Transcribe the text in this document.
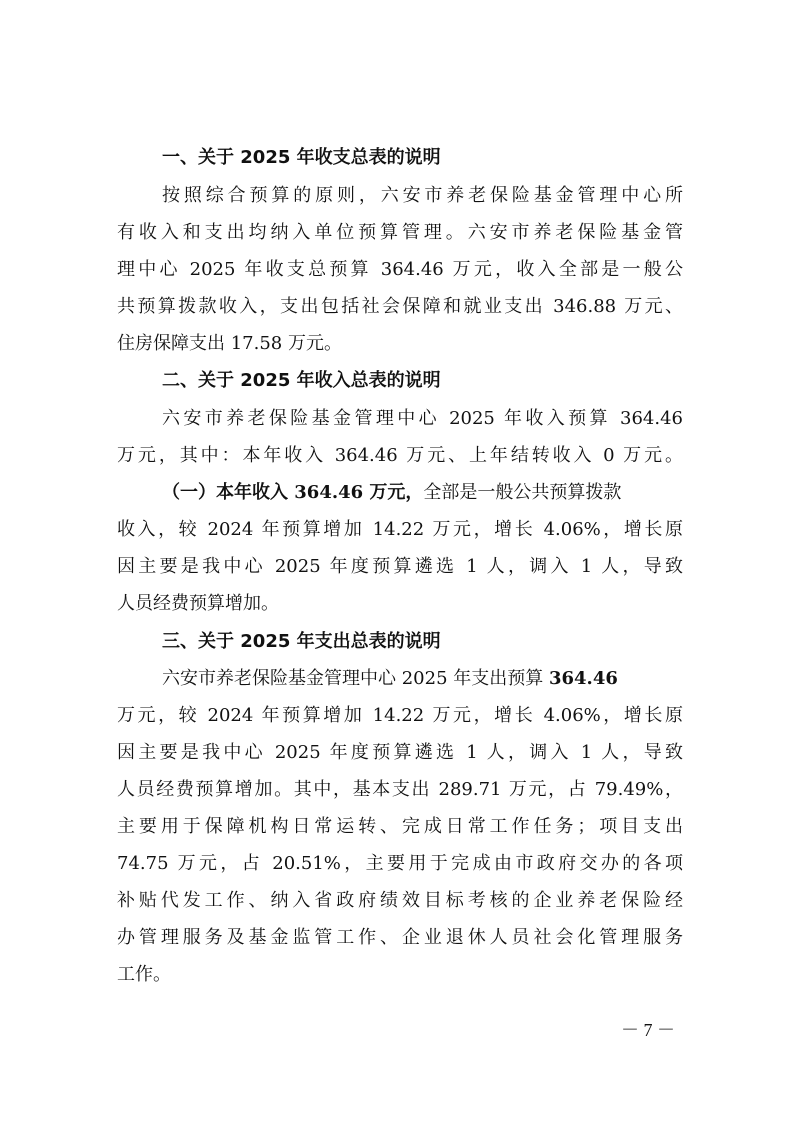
一、关于 2025 年收支总表的说明
按照综合预算的原则，六安市养老保险基金管理中心所
有收入和支出均纳入单位预算管理。六安市养老保险基金管
理中心 2025 年收支总预算 364.46 万元，收入全部是一般公
共预算拨款收入，支出包括社会保障和就业支出 346.88 万元、
住房保障支出 17.58 万元。
二、关于 2025 年收入总表的说明
六安市养老保险基金管理中心 2025 年收入预算 364.46
万元，其中：本年收入 364.46 万元、上年结转收入 0 万元。
（一）本年收入 364.46 万元，全部是一般公共预算拨款
收入，较 2024 年预算增加 14.22 万元，增长 4.06%，增长原
因主要是我中心 2025 年度预算遴选 1 人，调入 1 人，导致
人员经费预算增加。
三、关于 2025 年支出总表的说明
六安市养老保险基金管理中心 2025 年支出预算 364.46
万元，较 2024 年预算增加 14.22 万元，增长 4.06%，增长原
因主要是我中心 2025 年度预算遴选 1 人，调入 1 人，导致
人员经费预算增加。其中，基本支出 289.71 万元，占 79.49%，
主要用于保障机构日常运转、完成日常工作任务；项目支出
74.75 万元，占 20.51%，主要用于完成由市政府交办的各项
补贴代发工作、纳入省政府绩效目标考核的企业养老保险经
办管理服务及基金监管工作、企业退休人员社会化管理服务
工作。
－ 7 －
